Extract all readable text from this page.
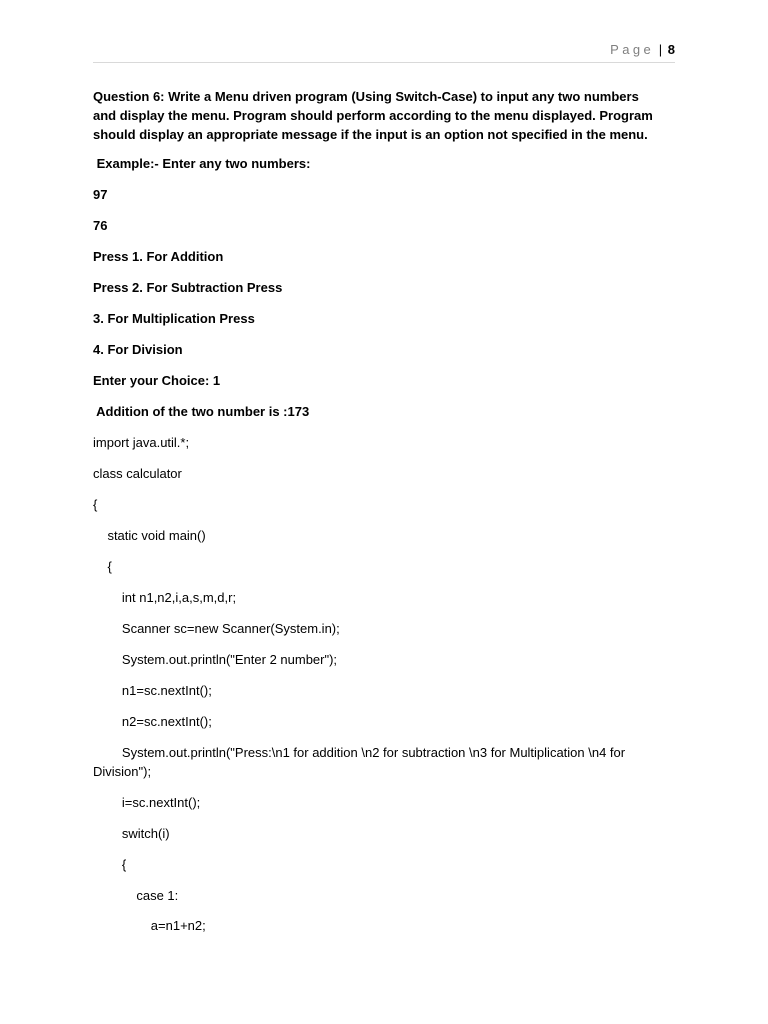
Page | 8
Question 6: Write a Menu driven program (Using Switch-Case) to input any two numbers and display the menu. Program should perform according to the menu displayed. Program should display an appropriate message if the input is an option not specified in the menu.
Example:- Enter any two numbers:
97
76
Press 1. For Addition
Press 2. For Subtraction Press
3. For Multiplication Press
4. For Division
Enter your Choice: 1
Addition of the two number is :173
import java.util.*;
class calculator
{
static void main()
{
int n1,n2,i,a,s,m,d,r;
Scanner sc=new Scanner(System.in);
System.out.println("Enter 2 number");
n1=sc.nextInt();
n2=sc.nextInt();
System.out.println("Press:\n1 for addition \n2 for subtraction \n3 for Multiplication \n4 for Division");
i=sc.nextInt();
switch(i)
{
case 1:
a=n1+n2;
